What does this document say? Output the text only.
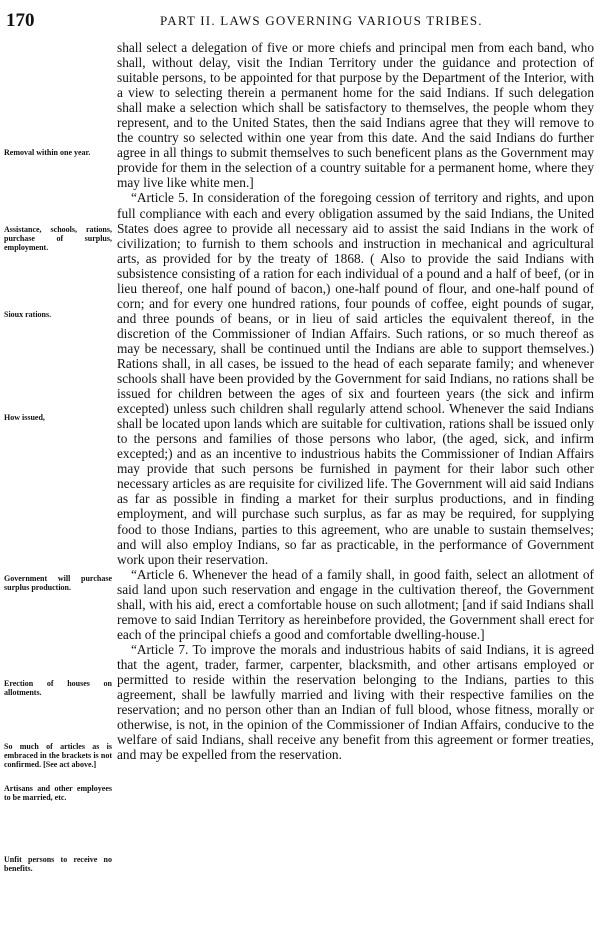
170	PART II. LAWS GOVERNING VARIOUS TRIBES.
Removal within one year.
Assistance, schools, rations, purchase of surplus, employment.
Sioux rations.
How issued,
Government will purchase surplus production.
Erection of houses on allotments.
So much of articles as is embraced in the brackets is not confirmed. [See act above.]
Artisans and other employees to be married, etc.
Unfit persons to receive no benefits.

shall select a delegation of five or more chiefs and principal men from each band, who shall, without delay, visit the Indian Territory under the guidance and protection of suitable persons, to be appointed for that purpose by the Department of the Interior, with a view to selecting therein a permanent home for the said Indians. If such delegation shall make a selection which shall be satisfactory to themselves, the people whom they represent, and to the United States, then the said Indians agree that they will remove to the country so selected within one year from this date. And the said Indians do further agree in all things to submit themselves to such beneficent plans as the Government may provide for them in the selection of a country suitable for a permanent home, where they may live like white men.]

“Article 5. In consideration of the foregoing cession of territory and rights, and upon full compliance with each and every obligation assumed by the said Indians, the United States does agree to provide all necessary aid to assist the said Indians in the work of civilization; to furnish to them schools and instruction in mechanical and agricultural arts, as provided for by the treaty of 1868. ( Also to provide the said Indians with subsistence consisting of a ration for each individual of a pound and a half of beef, (or in lieu thereof, one half pound of bacon,) one-half pound of flour, and one-half pound of corn; and for every one hundred rations, four pounds of coffee, eight pounds of sugar, and three pounds of beans, or in lieu of said articles the equivalent thereof, in the discretion of the Commissioner of Indian Affairs. Such rations, or so much thereof as may be necessary, shall be continued until the Indians are able to support themselves.) Rations shall, in all cases, be issued to the head of each separate family; and whenever schools shall have been provided by the Government for said Indians, no rations shall be issued for children between the ages of six and fourteen years (the sick and infirm excepted) unless such children shall regularly attend school. Whenever the said Indians shall be located upon lands which are suitable for cultivation, rations shall be issued only to the persons and families of those persons who labor, (the aged, sick, and infirm excepted;) and as an incentive to industrious habits the Commissioner of Indian Affairs may provide that such persons be furnished in payment for their labor such other necessary articles as are requisite for civilized life. The Government will aid said Indians as far as possible in finding a market for their surplus productions, and in finding employment, and will purchase such surplus, as far as may be required, for supplying food to those Indians, parties to this agreement, who are unable to sustain themselves; and will also employ Indians, so far as practicable, in the performance of Government work upon their reservation.

“Article 6. Whenever the head of a family shall, in good faith, select an allotment of said land upon such reservation and engage in the cultivation thereof, the Government shall, with his aid, erect a comfortable house on such allotment; [and if said Indians shall remove to said Indian Territory as hereinbefore provided, the Government shall erect for each of the principal chiefs a good and comfortable dwelling-house.]

“Article 7. To improve the morals and industrious habits of said Indians, it is agreed that the agent, trader, farmer, carpenter, blacksmith, and other artisans employed or permitted to reside within the reservation belonging to the Indians, parties to this agreement, shall be lawfully married and living with their respective families on the reservation; and no person other than an Indian of full blood, whose fitness, morally or otherwise, is not, in the opinion of the Commissioner of Indian Affairs, conducive to the welfare of said Indians, shall receive any benefit from this agreement or former treaties, and may be expelled from the reservation.
